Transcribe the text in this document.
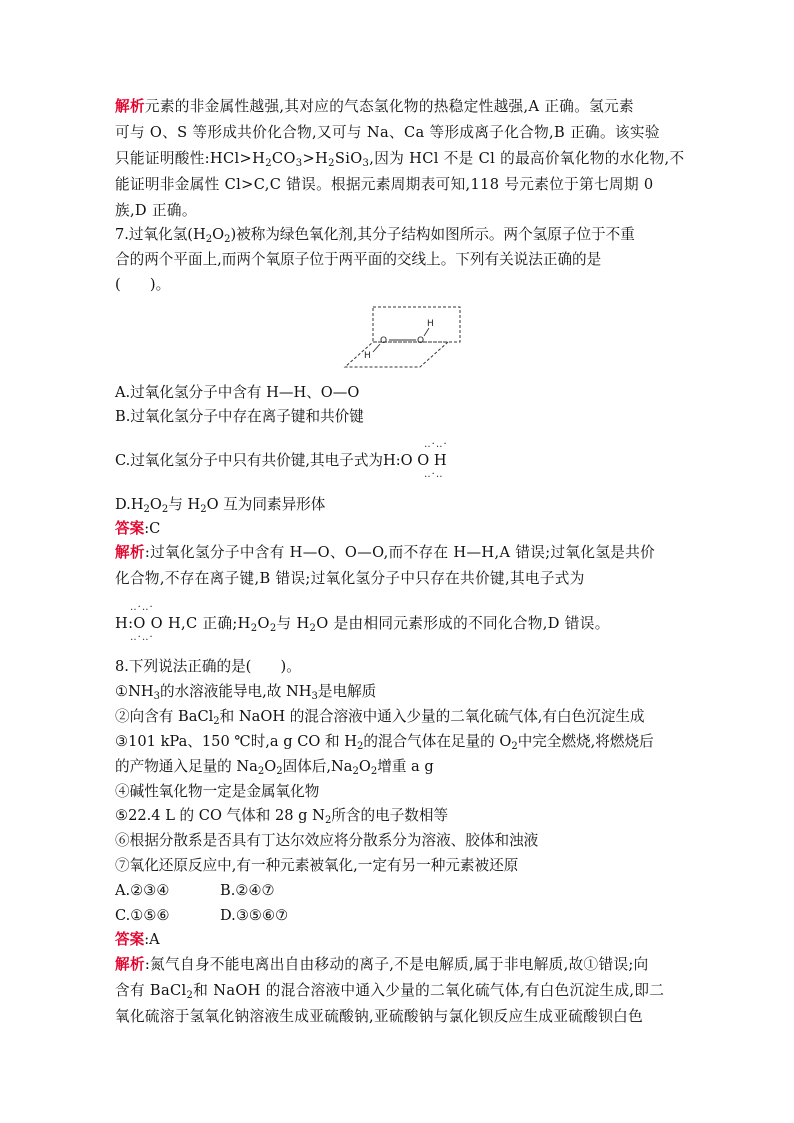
解析元素的非金属性越强,其对应的气态氢化物的热稳定性越强,A 正确。氢元素
可与 O、S 等形成共价化合物,又可与 Na、Ca 等形成离子化合物,B 正确。该实验
只能证明酸性$:HCl>H_2CO_3>H_2SiO_3$,因为 HCl 不是 Cl 的最高价氧化物的水化物,不
能证明非金属性 Cl>C,C 错误。根据元素周期表可知,118 号元素位于第七周期 0
族,D 正确。
7.过氧化氢$(H_2O_2)$被称为绿色氧化剂,其分子结构如图所示。两个氢原子位于不重
合的两个平面上,而两个氧原子位于两平面的交线上。下列有关说法正确的是
(　　)。
H
O	O
H
A.过氧化氢分子中含有 H—H、O—O
B.过氧化氢分子中存在离子键和共价键
‥·‥·
C.过氧化氢分子中只有共价键,其电子式为H:O O H
‥·‥
$D.H_2O_2$与 $H_2O$ 互为同素异形体
答案:C
解析:过氧化氢分子中含有 H—O、O—O,而不存在 H—H,A 错误;过氧化氢是共价
化合物,不存在离子键,B 错误;过氧化氢分子中只存在共价键,其电子式为
‥·‥·
H:O O H,C 正确$;H_2O_2$与 $H_2O$ 是由相同元素形成的不同化合物,D 错误。
‥·‥·
8.下列说法正确的是(　　)。
$①NH_3$的水溶液能导电,故 $NH_3$是电解质
②向含有 BaCl$_2$和 NaOH 的混合溶液中通入少量的二氧化硫气体,有白色沉淀生成
③101 kPa、150 ℃时,a g CO 和 $H_2$的混合气体在足量的 $O_2$中完全燃烧,将燃烧后
的产物通入足量的 $Na_2O_2$固体后$,Na_2O_2$增重 a g
④碱性氧化物一定是金属氧化物
⑤22.4 L 的 CO 气体和 28 g $N_2$所含的电子数相等
⑥根据分散系是否具有丁达尔效应将分散系分为溶液、胶体和浊液
⑦氧化还原反应中,有一种元素被氧化,一定有另一种元素被还原
A.②③④	B.②④⑦
C.①⑤⑥	D.③⑤⑥⑦
答案:A
解析:氮气自身不能电离出自由移动的离子,不是电解质,属于非电解质,故①错误;向
含有 BaCl$_2$和 NaOH 的混合溶液中通入少量的二氧化硫气体,有白色沉淀生成,即二
氧化硫溶于氢氧化钠溶液生成亚硫酸钠,亚硫酸钠与氯化钡反应生成亚硫酸钡白色
